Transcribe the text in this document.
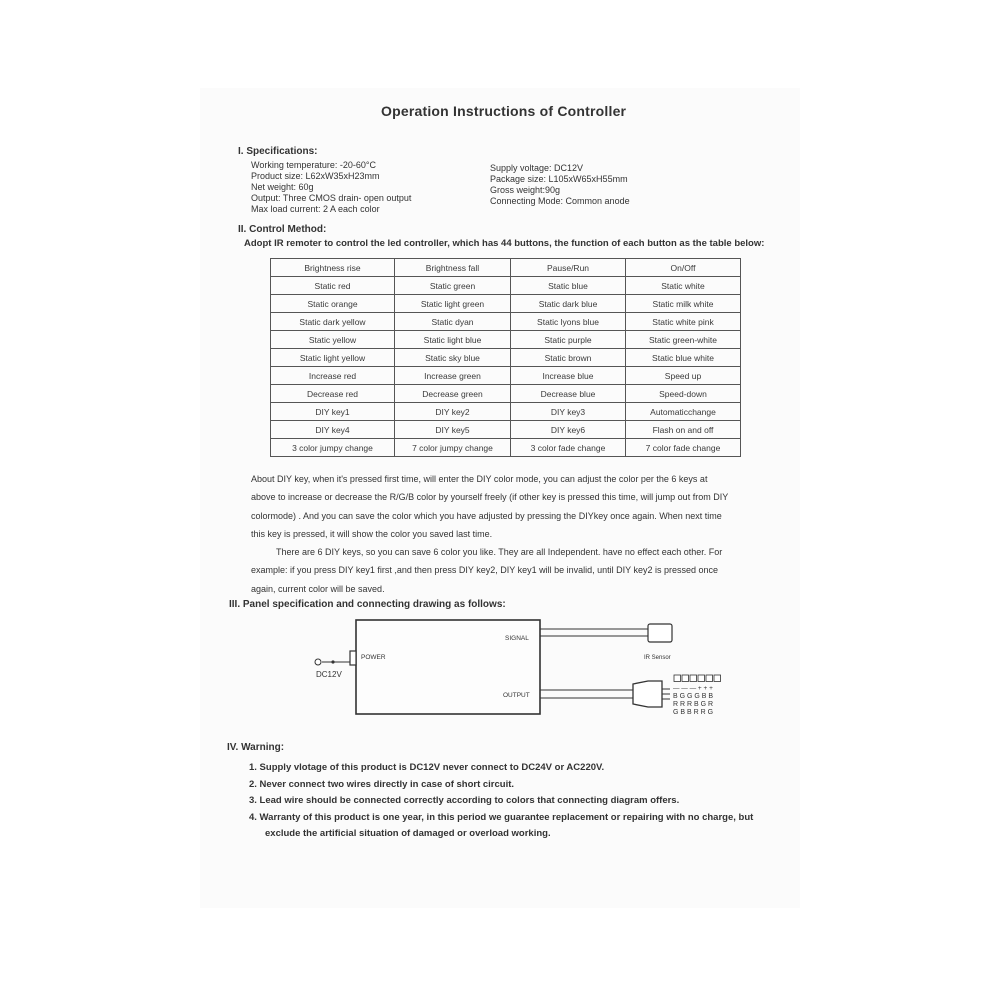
Operation Instructions of Controller
I. Specifications:
Working temperature: -20-60°C
Product size: L62xW35xH23mm
Net weight: 60g
Output: Three CMOS drain- open output
Max load current: 2 A each color
Supply voltage: DC12V
Package size: L105xW65xH55mm
Gross weight:90g
Connecting Mode: Common anode
II. Control Method:
Adopt IR remoter to control the led controller, which has 44 buttons, the function of each button as the table below:
Brightness rise	Brightness fall	Pause/Run	On/Off
Static red	Static green	Static blue	Static white
Static orange	Static light green	Static dark blue	Static milk white
Static dark yellow	Static dyan	Static lyons blue	Static white pink
Static yellow	Static light blue	Static purple	Static green-white
Static light yellow	Static sky blue	Static brown	Static blue white
Increase red	Increase green	Increase blue	Speed up
Decrease red	Decrease green	Decrease blue	Speed-down
DIY key1	DIY key2	DIY key3	Automaticchange
DIY key4	DIY key5	DIY key6	Flash on and off
3 color jumpy change	7 color jumpy change	3 color fade change	7 color fade change

About DIY key, when it's pressed first time, will enter the DIY color mode, you can adjust the color per the 6 keys at

above to increase or decrease the R/G/B color by yourself freely (if other key is pressed this time, will jump out from DIY

colormode) . And you can save the color which you have adjusted by pressing the DIYkey once again. When next time

this key is pressed, it will show the color you saved last time.

There are 6 DIY keys, so you can save 6 color you like. They are all Independent. have no effect each other. For

example: if you press DIY key1 first ,and then press DIY key2, DIY key1 will be invalid, until DIY key2 is pressed once

again, current color will be saved.

III. Panel specification and connecting drawing as follows:
POWER
DC12V
SIGNAL
IR Sensor
OUTPUT
— — — + + +
B G G G B B
R R R B G R
G B B R R G
IV. Warning:

1. Supply vlotage of this product is DC12V never connect to DC24V or AC220V.

2. Never connect two wires directly in case of short circuit.

3. Lead wire should be connected correctly according to colors that connecting diagram offers.

4. Warranty of this product is one year, in this period we guarantee replacement or repairing with no charge, but

exclude the artificial situation of damaged or overload working.
